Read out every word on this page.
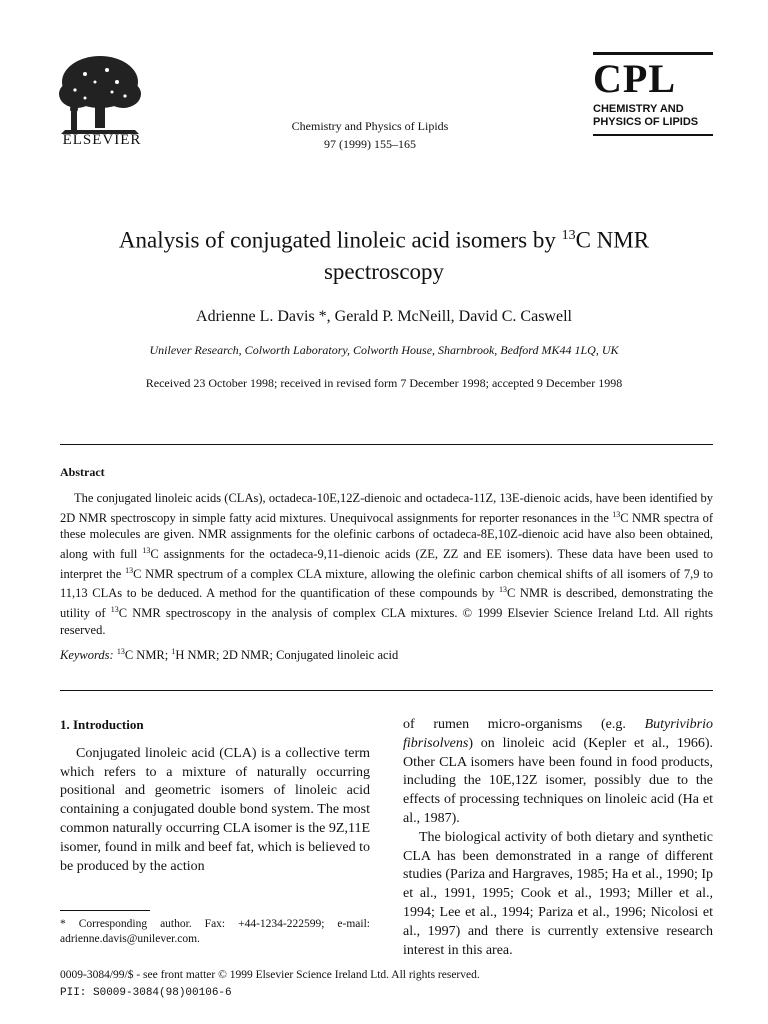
ELSEVIER
Chemistry and Physics of Lipids
97 (1999) 155–165
CPL
CHEMISTRY AND
PHYSICS OF LIPIDS
Analysis of conjugated linoleic acid isomers by $^{13}$C NMR spectroscopy
Adrienne L. Davis *, Gerald P. McNeill, David C. Caswell
Unilever Research, Colworth Laboratory, Colworth House, Sharnbrook, Bedford MK44 1LQ, UK
Received 23 October 1998; received in revised form 7 December 1998; accepted 9 December 1998
Abstract
The conjugated linoleic acids (CLAs), octadeca-10E,12Z-dienoic and octadeca-11Z, 13E-dienoic acids, have been identified by 2D NMR spectroscopy in simple fatty acid mixtures. Unequivocal assignments for reporter resonances in the $^{13}$C NMR spectra of these molecules are given. NMR assignments for the olefinic carbons of octadeca-8E,10Z-dienoic acid have also been obtained, along with full $^{13}$C assignments for the octadeca-9,11-dienoic acids (ZE, ZZ and EE isomers). These data have been used to interpret the $^{13}$C NMR spectrum of a complex CLA mixture, allowing the olefinic carbon chemical shifts of all isomers of 7,9 to 11,13 CLAs to be deduced. A method for the quantification of these compounds by $^{13}$C NMR is described, demonstrating the utility of $^{13}$C NMR spectroscopy in the analysis of complex CLA mixtures. © 1999 Elsevier Science Ireland Ltd. All rights reserved.
Keywords: $^{13}$C NMR; $^1$H NMR; 2D NMR; Conjugated linoleic acid
1. Introduction

Conjugated linoleic acid (CLA) is a collective term which refers to a mixture of naturally occurring positional and geometric isomers of linoleic acid containing a conjugated double bond system. The most common naturally occurring CLA isomer is the 9Z,11E isomer, found in milk and beef fat, which is believed to be produced by the action

of rumen micro-organisms (e.g. Butyrivibrio fibrisolvens) on linoleic acid (Kepler et al., 1966). Other CLA isomers have been found in food products, including the 10E,12Z isomer, possibly due to the effects of processing techniques on linoleic acid (Ha et al., 1987).

The biological activity of both dietary and synthetic CLA has been demonstrated in a range of different studies (Pariza and Hargraves, 1985; Ha et al., 1990; Ip et al., 1991, 1995; Cook et al., 1993; Miller et al., 1994; Lee et al., 1994; Pariza et al., 1996; Nicolosi et al., 1997) and there is currently extensive research interest in this area.

* Corresponding author. Fax: +44-1234-222599; e-mail: adrienne.davis@unilever.com.
0009-3084/99/$ - see front matter © 1999 Elsevier Science Ireland Ltd. All rights reserved.
PII: S0009-3084(98)00106-6
